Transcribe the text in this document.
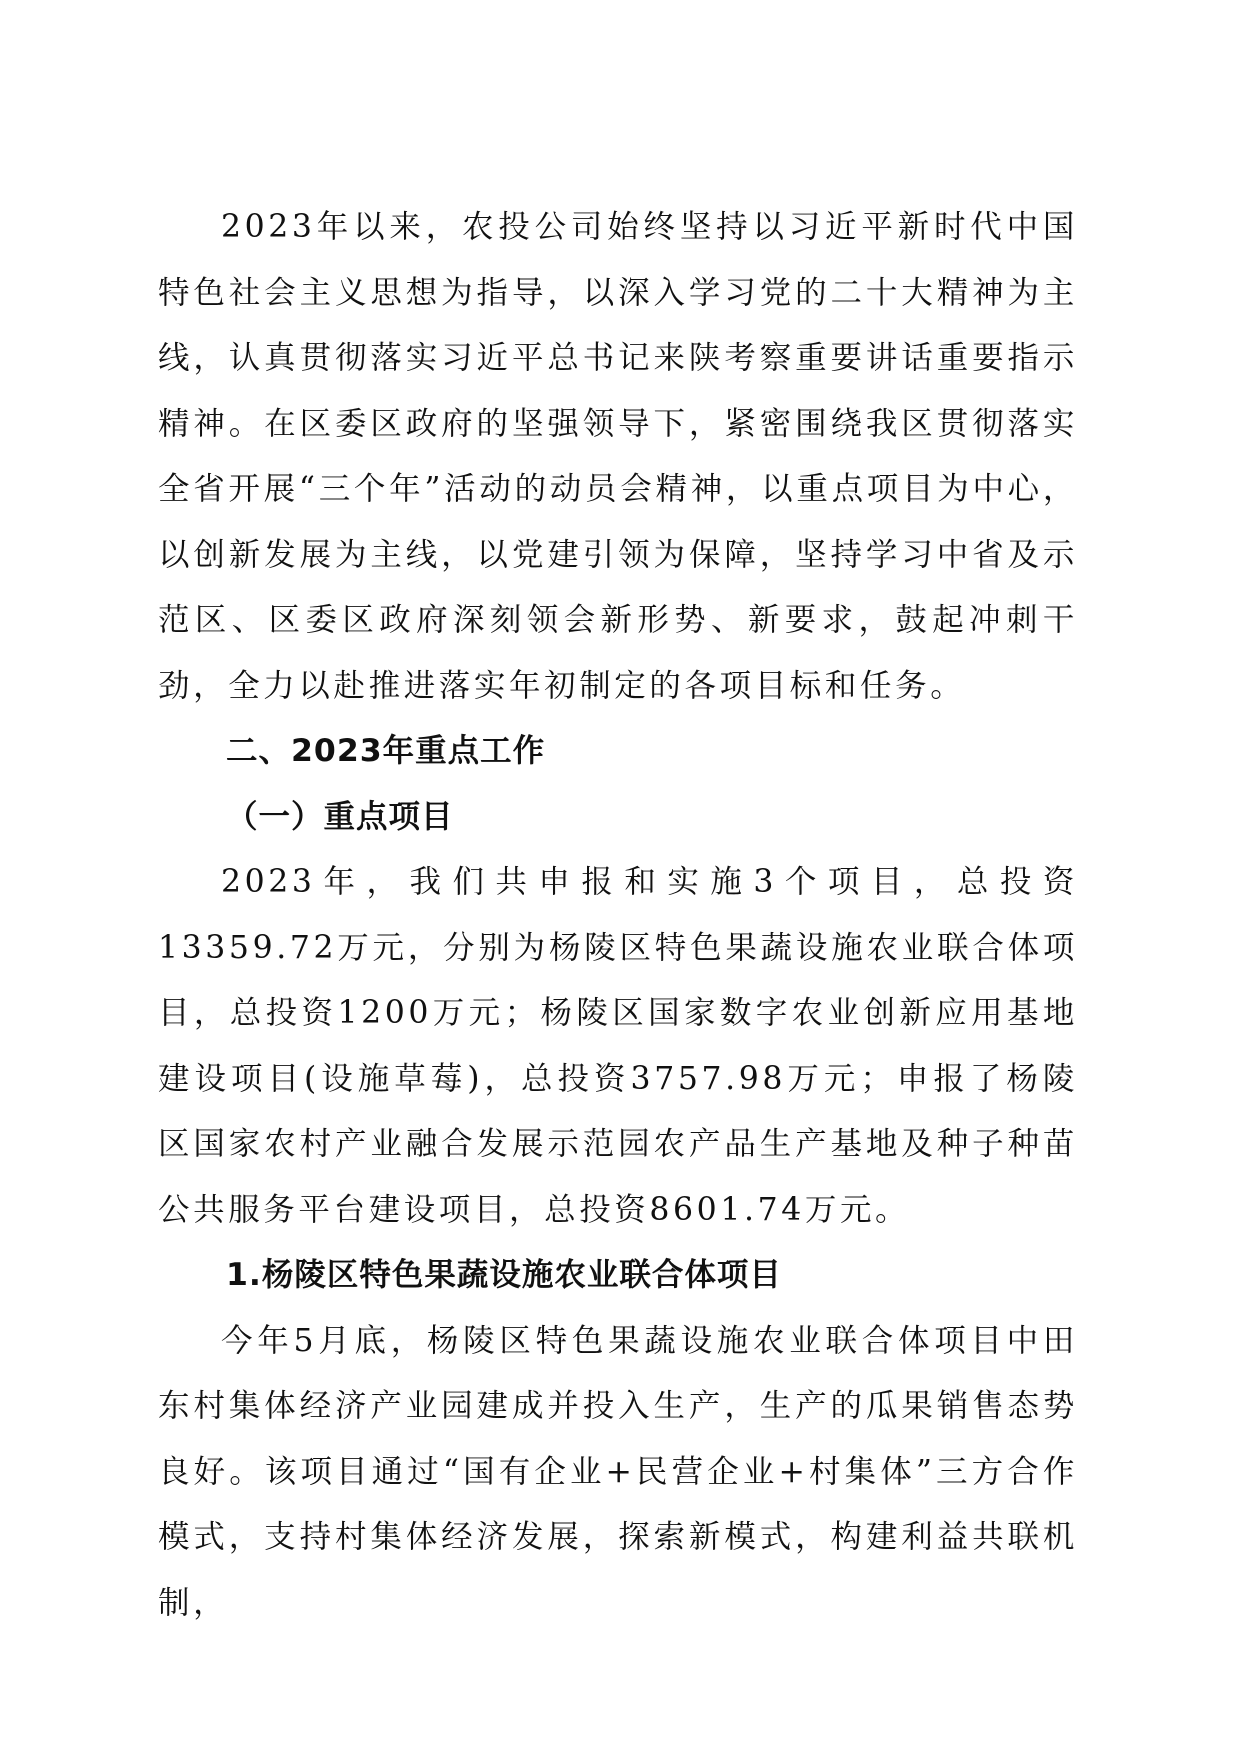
2023年以来，农投公司始终坚持以习近平新时代中国特色社会主义思想为指导，以深入学习党的二十大精神为主线，认真贯彻落实习近平总书记来陕考察重要讲话重要指示精神。在区委区政府的坚强领导下，紧密围绕我区贯彻落实全省开展“三个年”活动的动员会精神，以重点项目为中心，以创新发展为主线，以党建引领为保障，坚持学习中省及示范区、区委区政府深刻领会新形势、新要求，鼓起冲刺干劲，全力以赴推进落实年初制定的各项目标和任务。

二、2023年重点工作

（一）重点项目

2023年，我们共申报和实施3个项目，总投资13359.72万元，分别为杨陵区特色果蔬设施农业联合体项目，总投资1200万元；杨陵区国家数字农业创新应用基地建设项目(设施草莓)，总投资3757.98万元；申报了杨陵区国家农村产业融合发展示范园农产品生产基地及种子种苗公共服务平台建设项目，总投资8601.74万元。

1.杨陵区特色果蔬设施农业联合体项目

今年5月底，杨陵区特色果蔬设施农业联合体项目中田东村集体经济产业园建成并投入生产，生产的瓜果销售态势良好。该项目通过“国有企业+民营企业+村集体”三方合作模式，支持村集体经济发展，探索新模式，构建利益共联机制，
